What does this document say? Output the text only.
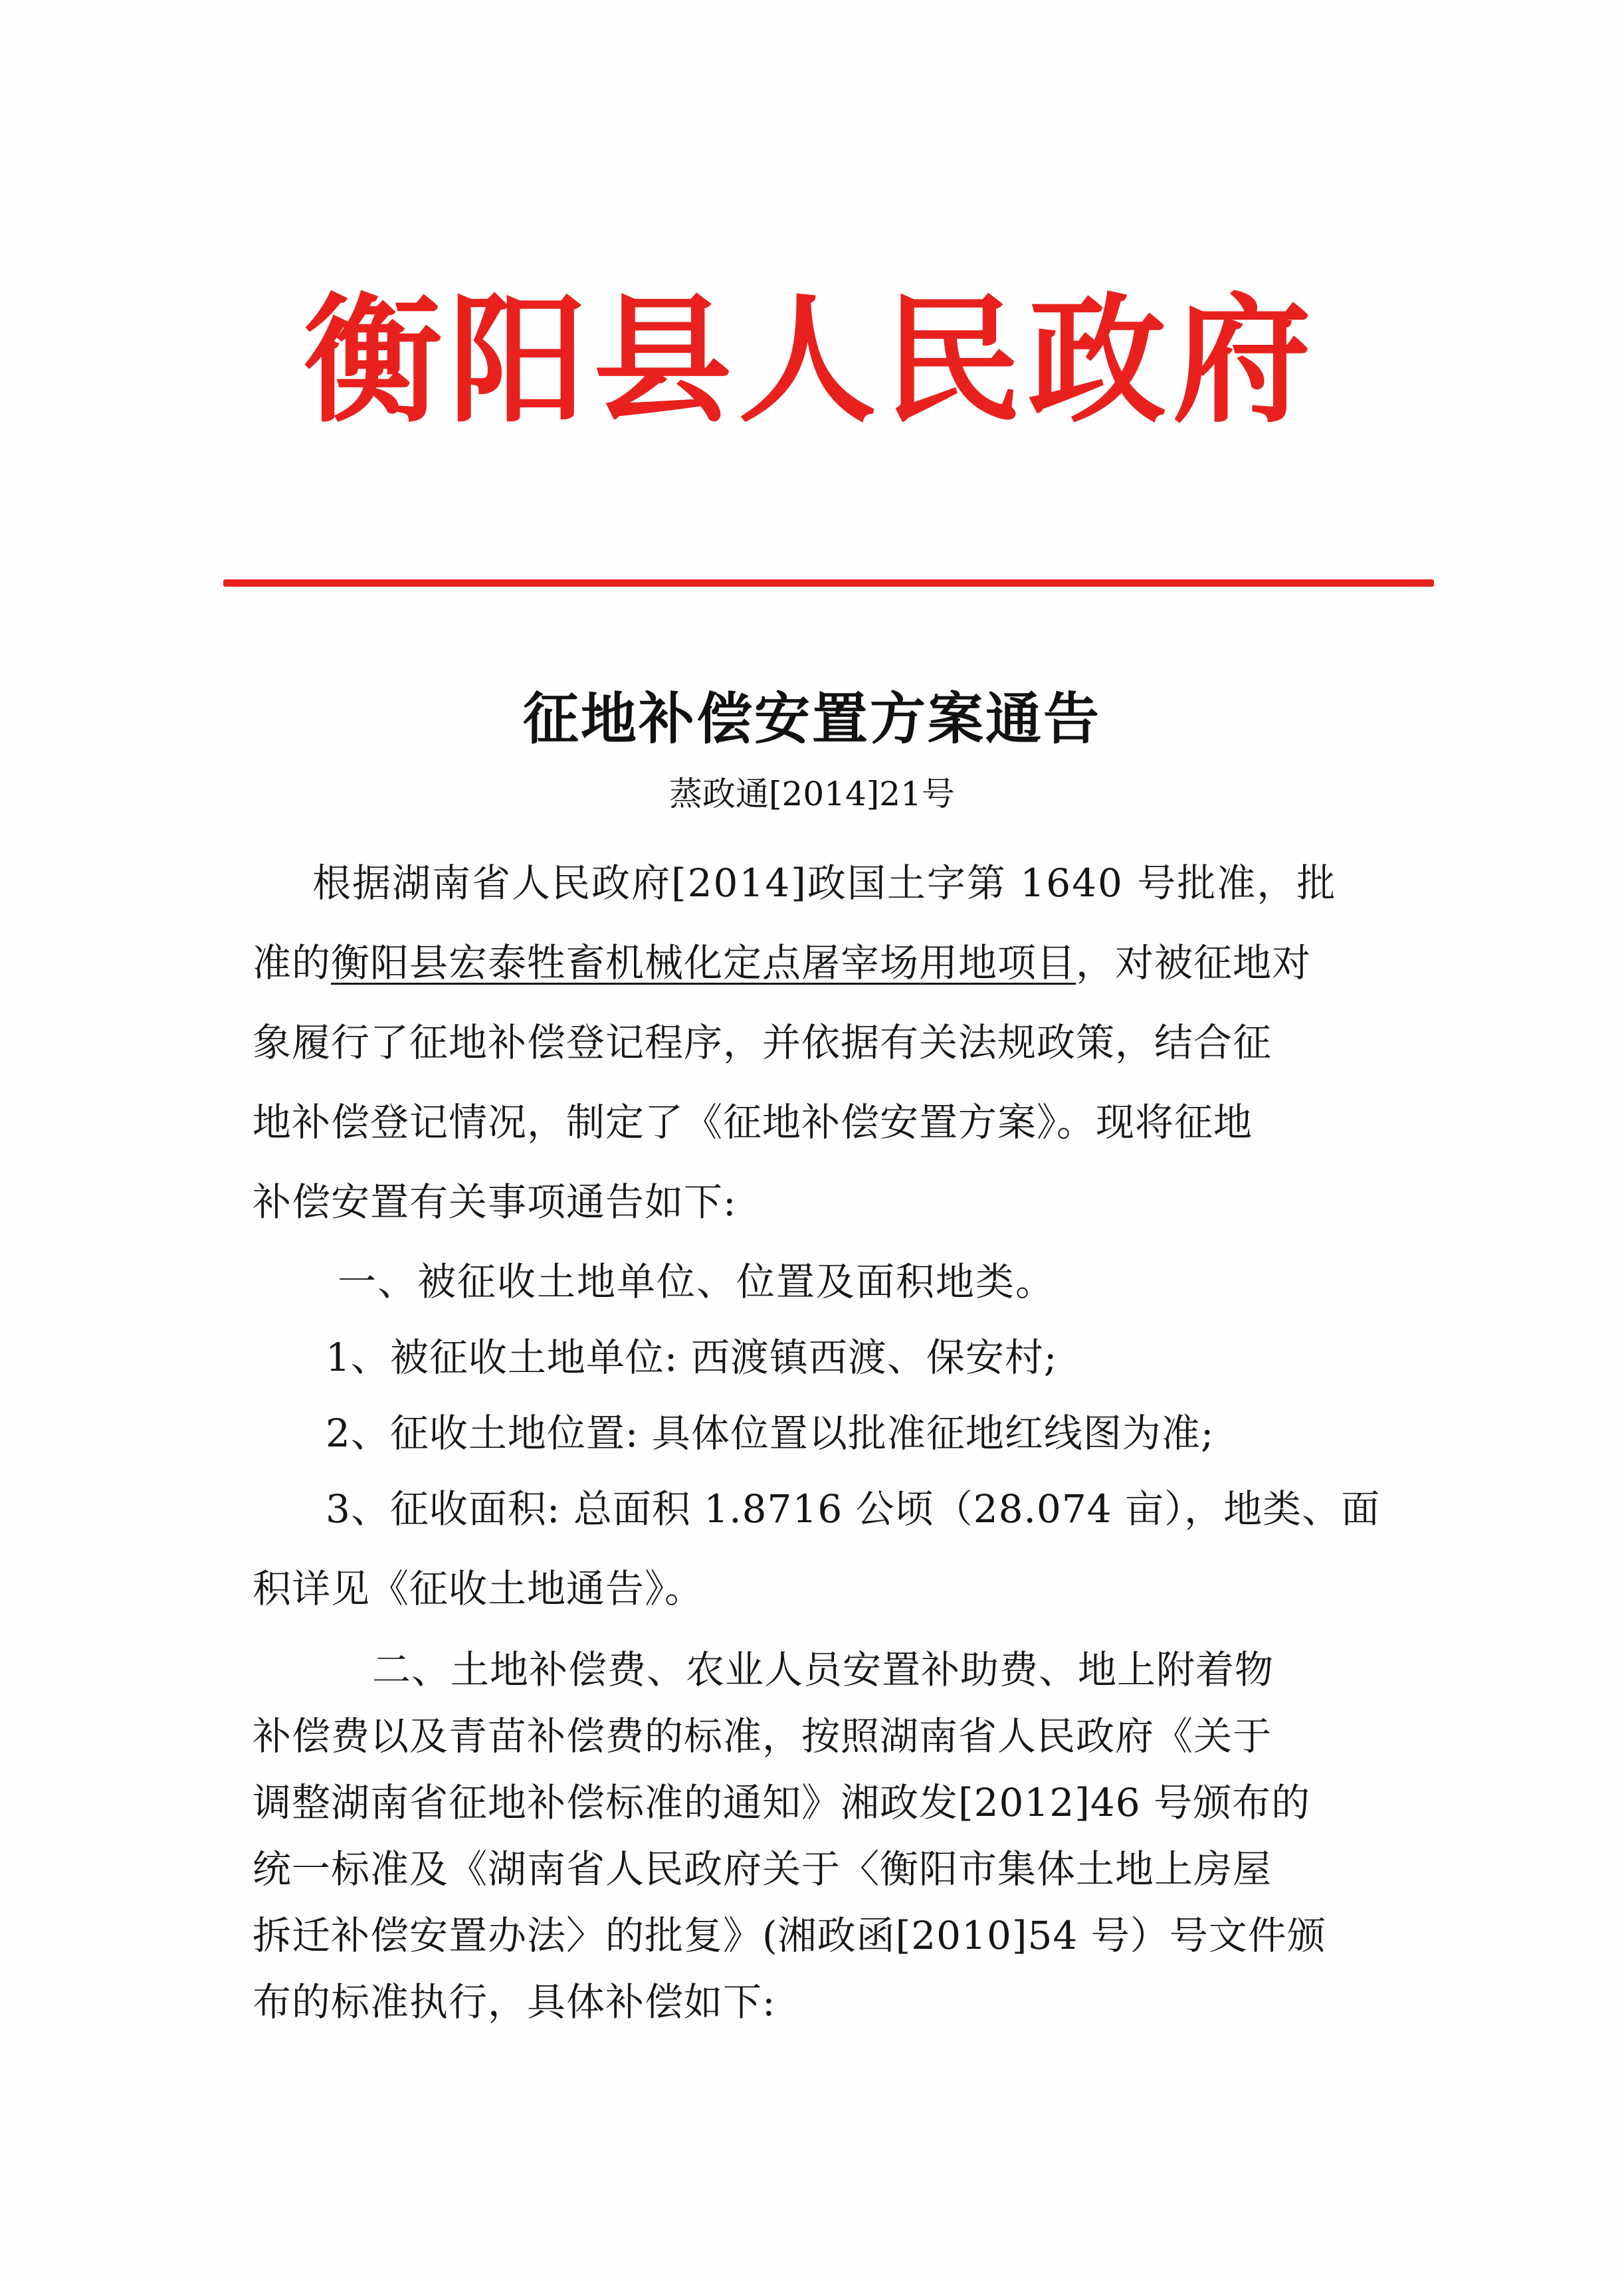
衡阳县人民政府
征地补偿安置方案通告
蒸政通[2014]21号
根据湖南省人民政府[2014]政国土字第 1640 号批准，批
准的衡阳县宏泰牲畜机械化定点屠宰场用地项目，对被征地对
象履行了征地补偿登记程序，并依据有关法规政策，结合征
地补偿登记情况，制定了《征地补偿安置方案》。现将征地
补偿安置有关事项通告如下:
一、被征收土地单位、位置及面积地类。
1、被征收土地单位: 西渡镇西渡、保安村;
2、征收土地位置: 具体位置以批准征地红线图为准;
3、征收面积: 总面积 1.8716 公顷（28.074 亩），地类、面
积详见《征收土地通告》。
二、土地补偿费、农业人员安置补助费、地上附着物
补偿费以及青苗补偿费的标准，按照湖南省人民政府《关于
调整湖南省征地补偿标准的通知》湘政发[2012]46 号颁布的
统一标准及《湖南省人民政府关于〈衡阳市集体土地上房屋
拆迁补偿安置办法〉的批复》(湘政函[2010]54 号）号文件颁
布的标准执行，具体补偿如下:
